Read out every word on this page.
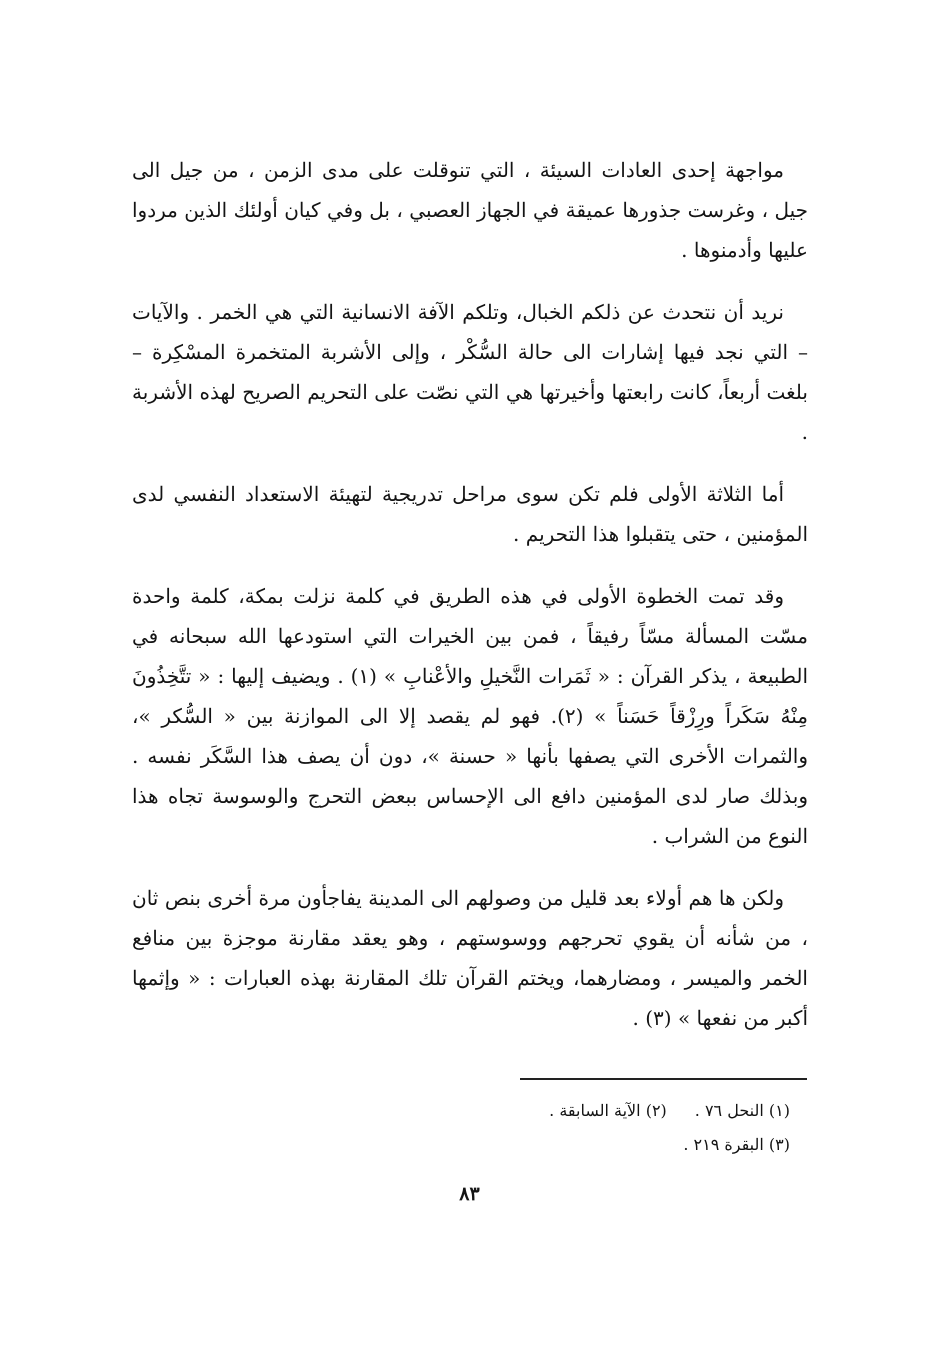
مواجهة إحدى العادات السيئة ، التي تنوقلت على مدى الزمن ، من جيل الى جيل ، وغرست جذورها عميقة في الجهاز العصبي ، بل وفي كيان أولئك الذين مردوا عليها وأدمنوها .

نريد أن نتحدث عن ذلكم الخبال، وتلكم الآفة الانسانية التي هي الخمر . والآيات – التي نجد فيها إشارات الى حالة السُّكْر ، وإلى الأشربة المتخمرة المسْكِرة – بلغت أربعاً، كانت رابعتها وأخيرتها هي التي نصّت على التحريم الصريح لهذه الأشربة .

أما الثلاثة الأولى فلم تكن سوى مراحل تدريجية لتهيئة الاستعداد النفسي لدى المؤمنين ، حتى يتقبلوا هذا التحريم .

وقد تمت الخطوة الأولى في هذه الطريق في كلمة نزلت بمكة، كلمة واحدة مسّت المسألة مسّاً رفيقاً ، فمن بين الخيرات التي استودعها الله سبحانه في الطبيعة ، يذكر القرآن : « ثَمَرات النَّخيلِ والأعْنابِ » (١) . ويضيف إليها : « تتَّخِذُونَ مِنْهُ سَكَراً ورِزْقاً حَسَناً » (٢). فهو لم يقصد إلا الى الموازنة بين « السُّكر »، والثمرات الأخرى التي يصفها بأنها « حسنة »، دون أن يصف هذا السَّكَر نفسه . وبذلك صار لدى المؤمنين دافع الى الإحساس ببعض التحرج والوسوسة تجاه هذا النوع من الشراب .

ولكن ها هم أولاء بعد قليل من وصولهم الى المدينة يفاجأون مرة أخرى بنص ثان ، من شأنه أن يقوي تحرجهم ووسوستهم ، وهو يعقد مقارنة موجزة بين منافع الخمر والميسر ، ومضارهما، ويختم القرآن تلك المقارنة بهذه العبارات : « وإثمها أكبر من نفعها » (٣) .

(١) النحل ٧٦ .(٢) الآية السابقة .
(٣) البقرة ٢١٩ .
٨٣
